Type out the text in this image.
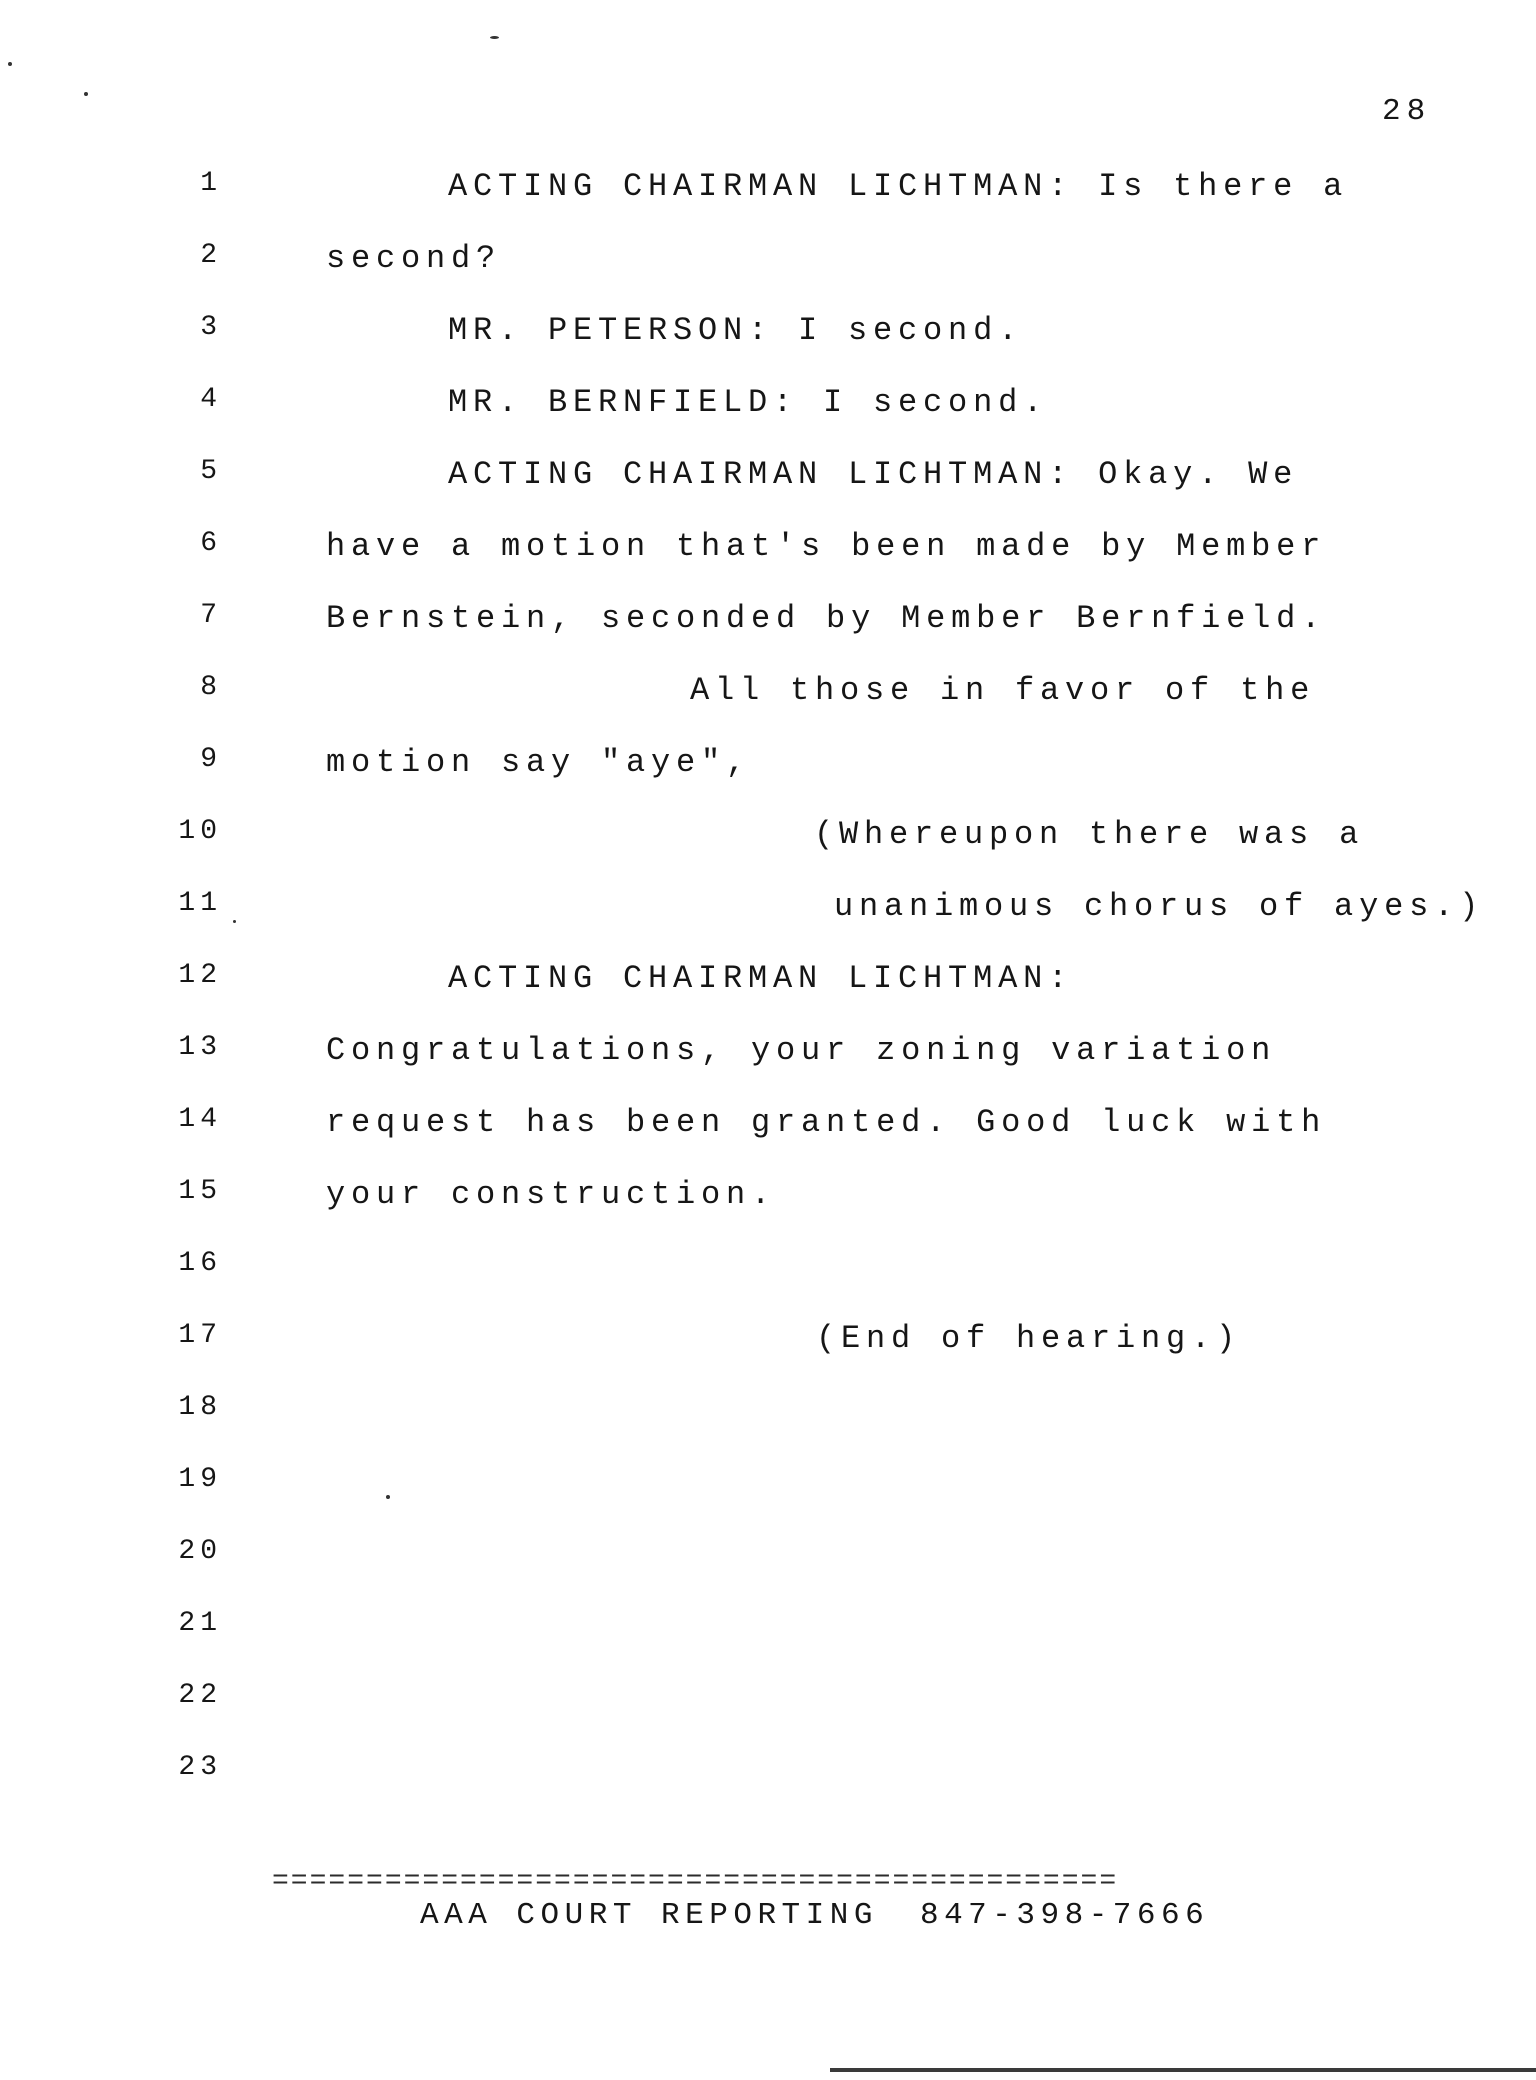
28
1	ACTING CHAIRMAN LICHTMAN: Is there a
2	second?
3	MR. PETERSON: I second.
4	MR. BERNFIELD: I second.
5	ACTING CHAIRMAN LICHTMAN: Okay. We
6	have a motion that's been made by Member
7	Bernstein, seconded by Member Bernfield.
8	All those in favor of the
9	motion say "aye",
10	(Whereupon there was a
11	unanimous chorus of ayes.)
12	ACTING CHAIRMAN LICHTMAN:
13	Congratulations, your zoning variation
14	request has been granted. Good luck with
15	your construction.
16
17	(End of hearing.)
18
19
20
21
22
23
=============================================
AAA COURT REPORTING 847-398-7666
